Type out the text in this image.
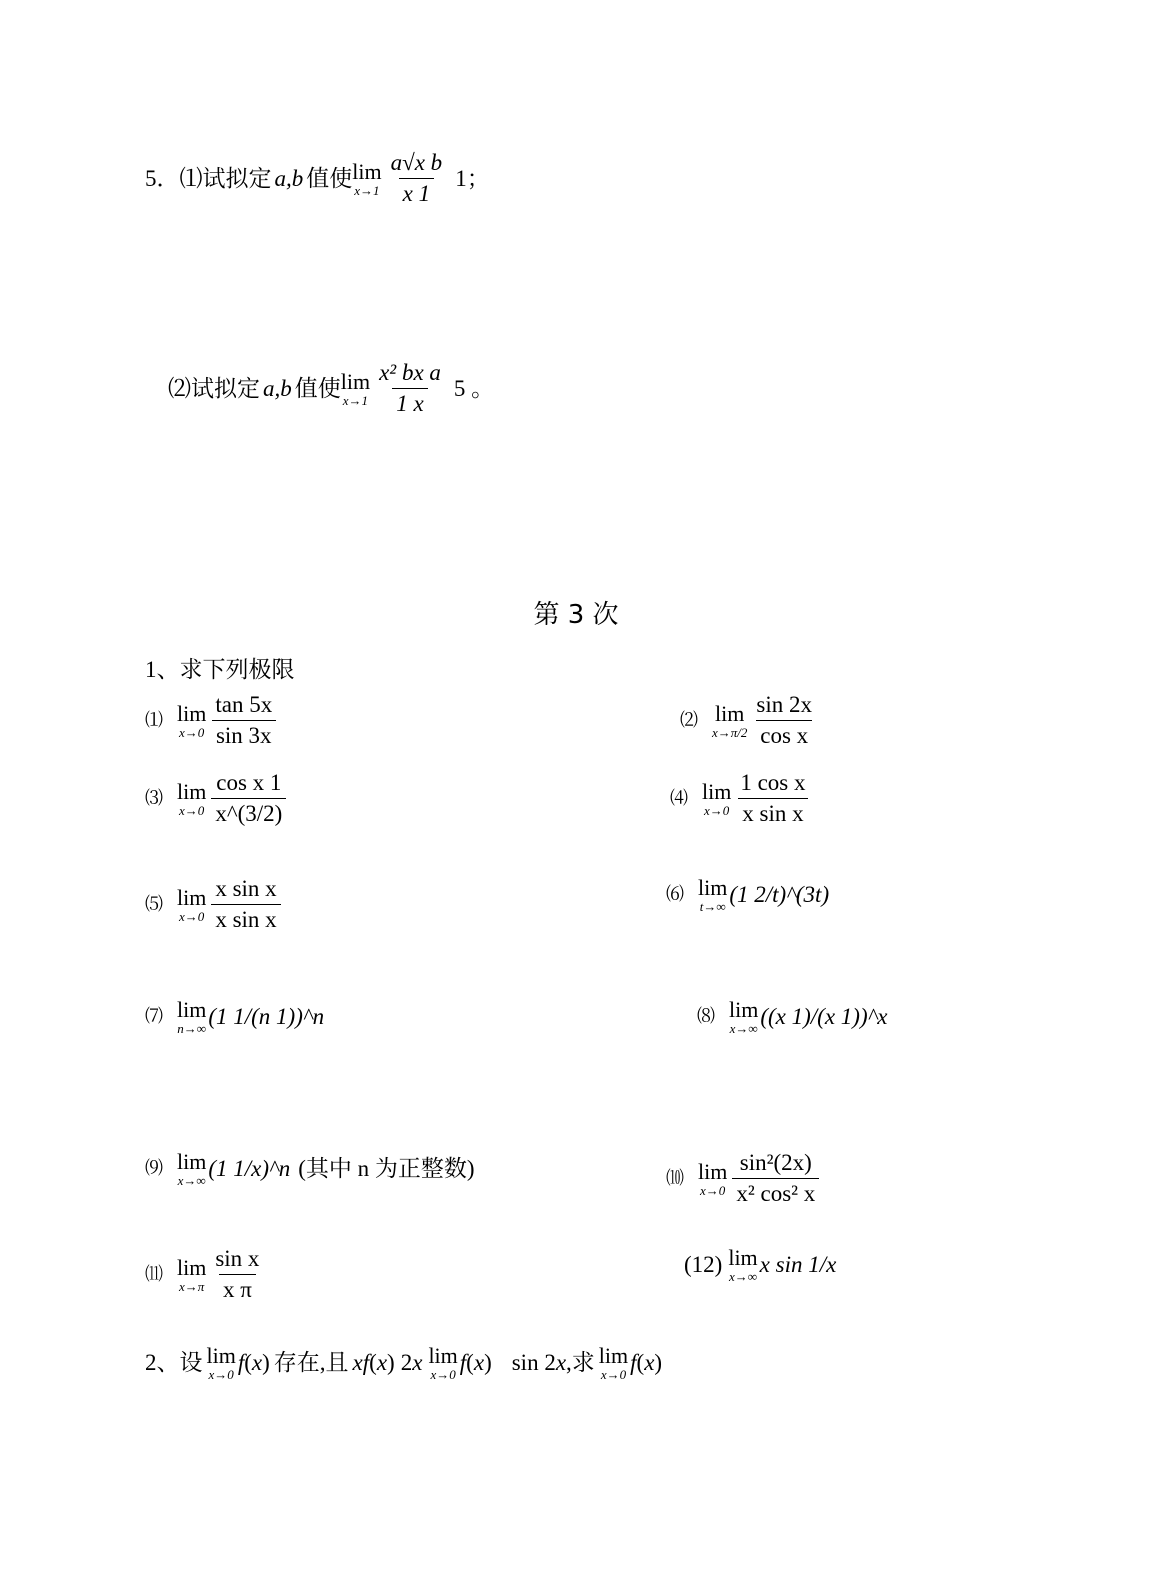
5．⑴试拟定 a,b 值使 lim
$x\to 1 \frac{\text{a√x b}}{x 1} 1$；
⑵试拟定 a,b 值使 lim
$x\to 1 \frac{\text{x² bx a}}{1 x} 5$ 。
第 3 次
1、求下列极限
⑴ lim
$x\to 0 \frac{\tan 5x}{\sin 3x}$	⑵ lim
$x\to\pi/2 \frac{\sin 2x}{\text{cos x}}$
⑶ lim
$x\to 0 \frac{\text{cos x 1}}{x\^{}(3/2)}$	⑷ lim
$x\to 0 \frac{\text{1 cos x}}{\text{x sin x}}$
⑸ lim
$x\to 0 \frac{\text{x sin x}}{\text{x sin x}}$	⑹ lim
t→∞ (1 2/t)^(3t)
⑺ lim
n→∞ (1 1/(n 1))^n	⑻ lim
x→∞ ((x 1)/(x 1))^x
⑼ lim
x→∞ (1 1/x)^n (其中 n 为正整数)	⑽ lim
$x\to 0 \frac{\text{sin²(2x)}}{\text{x² cos² x}}$
⑾ lim
$x\to\pi \frac{\text{sin x}}{\text{x π}}$	(12) lim
x→∞ x sin 1/x
2、设 lim
x→0 f ( x ) 存在,且 xf ( x ) 2x lim
x→0 f ( x ) sin 2x ,求 lim
x→0 f ( x )
